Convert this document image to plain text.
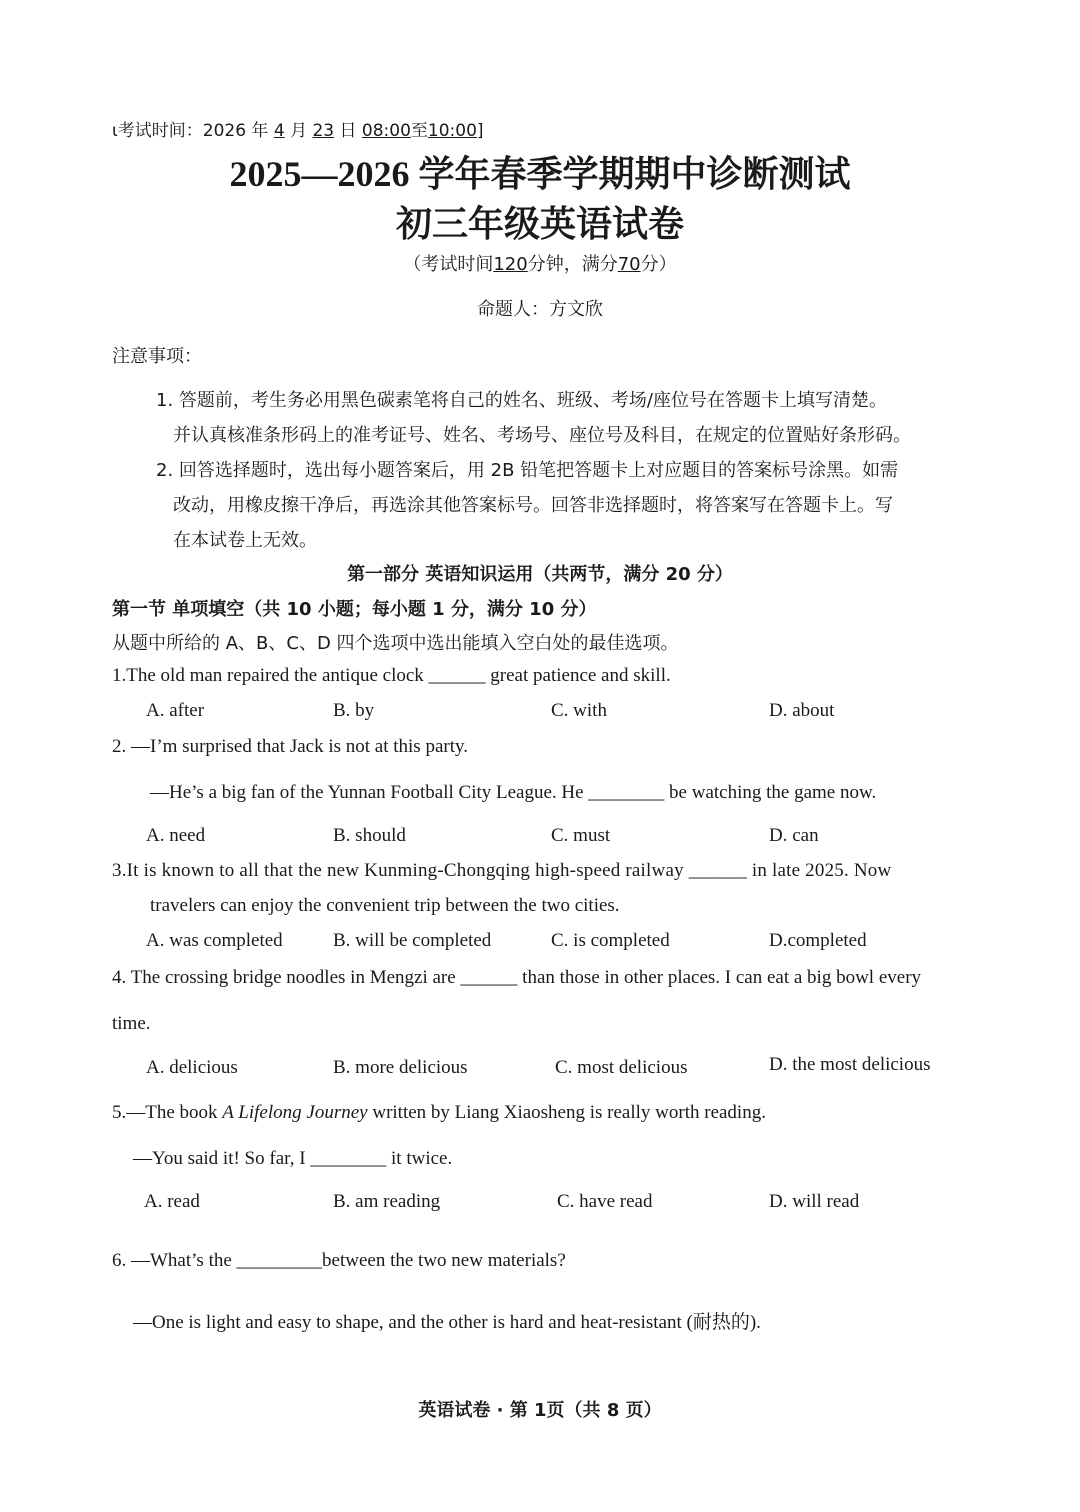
ι考试时间：2026 年 4 月 23 日 08:00至10:00]
2025—2026 学年春季学期期中诊断测试
初三年级英语试卷
（考试时间120分钟，满分70分）
命题人：方文欣
注意事项：
1. 答题前，考生务必用黑色碳素笔将自己的姓名、班级、考场/座位号在答题卡上填写清楚。
并认真核准条形码上的准考证号、姓名、考场号、座位号及科目，在规定的位置贴好条形码。
2. 回答选择题时，选出每小题答案后，用 2B 铅笔把答题卡上对应题目的答案标号涂黑。如需
改动，用橡皮擦干净后，再选涂其他答案标号。回答非选择题时，将答案写在答题卡上。写
在本试卷上无效。
第一部分 英语知识运用（共两节，满分 20 分）
第一节 单项填空（共 10 小题；每小题 1 分，满分 10 分）
从题中所给的 A、B、C、D 四个选项中选出能填入空白处的最佳选项。
1.The old man repaired the antique clock ______ great patience and skill.
A. after	B. by	C. with	D. about
2. —I’m surprised that Jack is not at this party.
—He’s a big fan of the Yunnan Football City League. He ________ be watching the game now.
A. need	B. should	C. must	D. can
3.It is known to all that the new Kunming-Chongqing high-speed railway ______ in late 2025. Now
travelers can enjoy the convenient trip between the two cities.
A. was completed	B. will be completed	C. is completed	D.completed
4. The crossing bridge noodles in Mengzi are ______ than those in other places. I can eat a big bowl every
time.
A. delicious	B. more delicious	C. most delicious	D. the most delicious
5.—The book A Lifelong Journey written by Liang Xiaosheng is really worth reading.
—You said it! So far, I ________ it twice.
A. read	B. am reading	C. have read	D. will read
6. —What’s the _________between the two new materials?
—One is light and easy to shape, and the other is hard and heat-resistant (耐热的).
英语试卷 · 第 1页（共 8 页）
